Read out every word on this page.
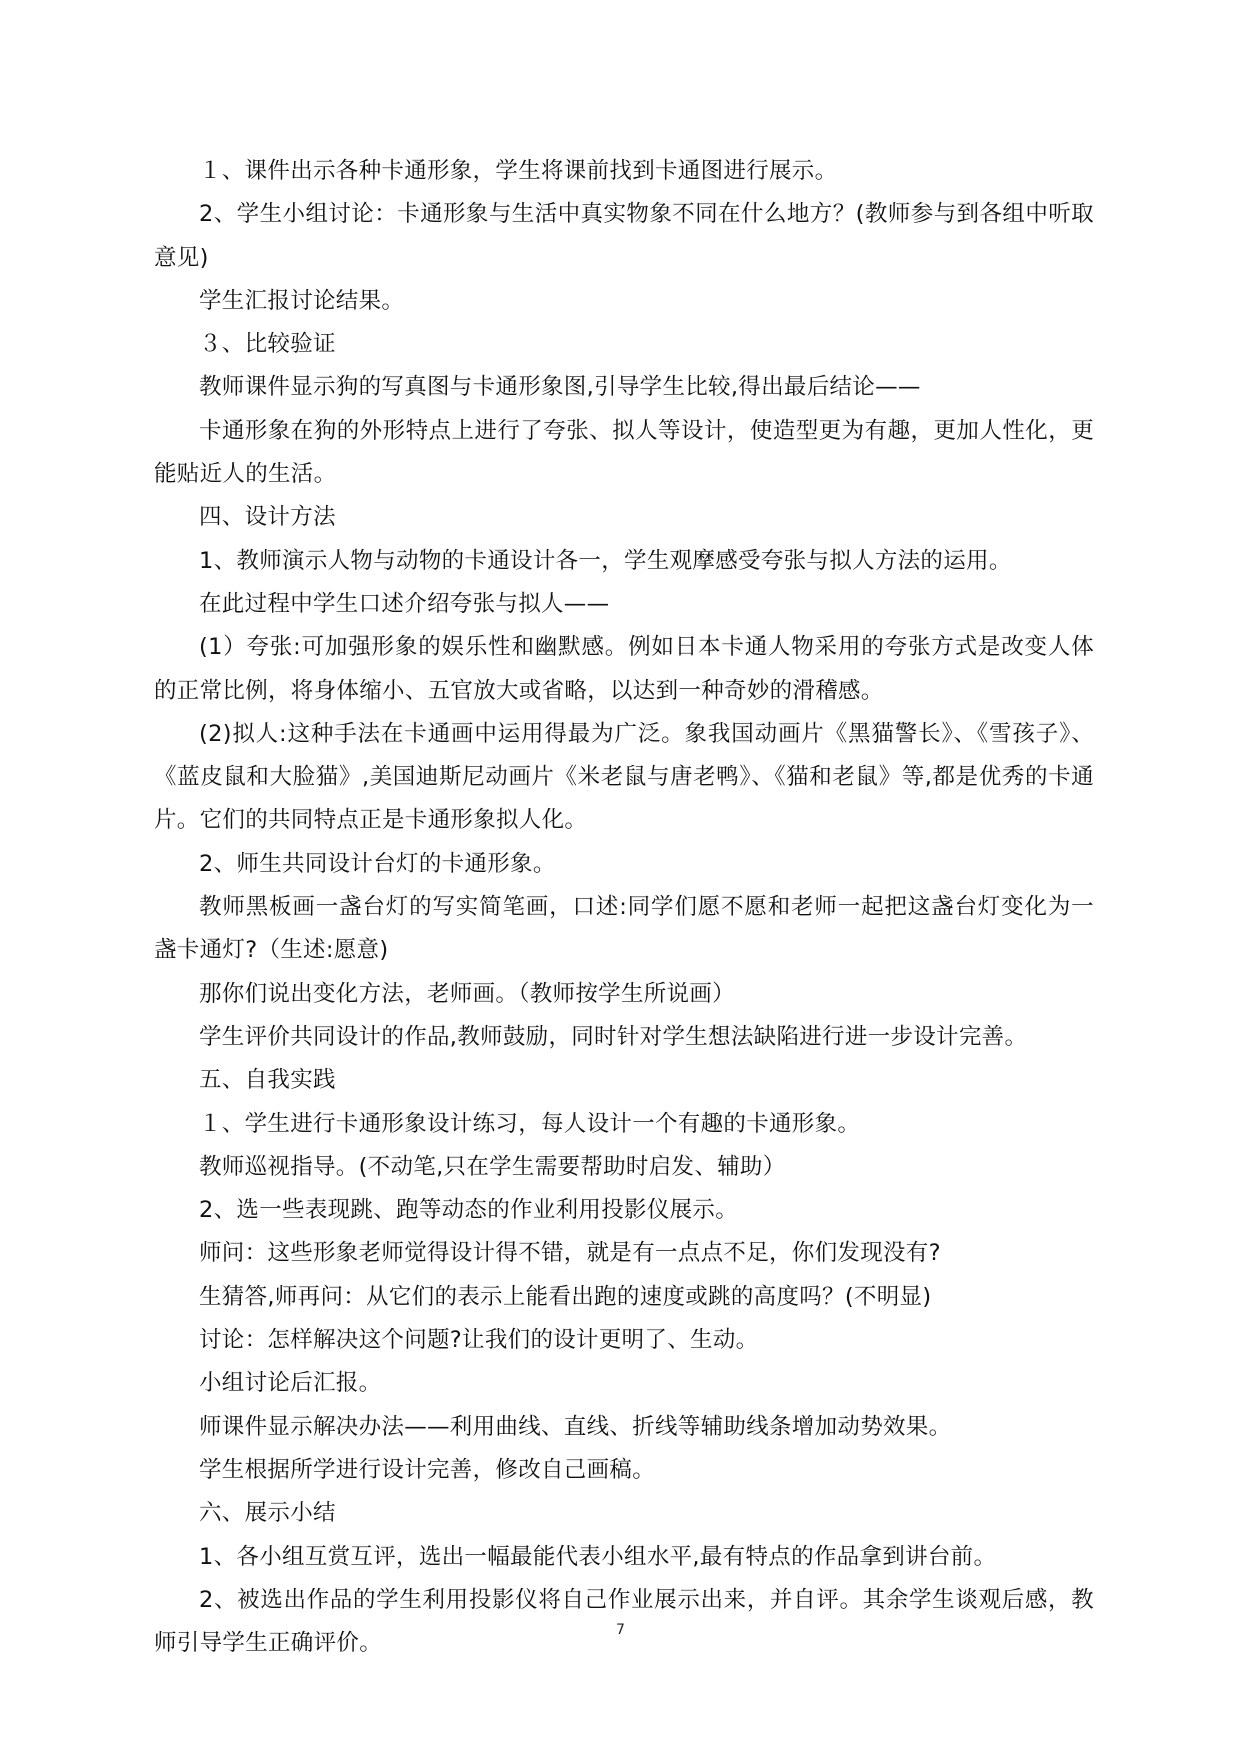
１、课件出示各种卡通形象，学生将课前找到卡通图进行展示。

2、学生小组讨论：卡通形象与生活中真实物象不同在什么地方？(教师参与到各组中听取意见)

学生汇报讨论结果。

３、比较验证

教师课件显示狗的写真图与卡通形象图,引导学生比较,得出最后结论——

卡通形象在狗的外形特点上进行了夸张、拟人等设计，使造型更为有趣，更加人性化，更能贴近人的生活。

四、设计方法

1、教师演示人物与动物的卡通设计各一，学生观摩感受夸张与拟人方法的运用。

在此过程中学生口述介绍夸张与拟人——

(1）夸张:可加强形象的娱乐性和幽默感。例如日本卡通人物采用的夸张方式是改变人体的正常比例，将身体缩小、五官放大或省略，以达到一种奇妙的滑稽感。

(2)拟人:这种手法在卡通画中运用得最为广泛。象我国动画片《黑猫警长》、《雪孩子》、《蓝皮鼠和大脸猫》,美国迪斯尼动画片《米老鼠与唐老鸭》、《猫和老鼠》等,都是优秀的卡通片。它们的共同特点正是卡通形象拟人化。

2、师生共同设计台灯的卡通形象。

教师黑板画一盏台灯的写实简笔画，口述:同学们愿不愿和老师一起把这盏台灯变化为一盏卡通灯?（生述:愿意)

那你们说出变化方法，老师画。（教师按学生所说画）

学生评价共同设计的作品,教师鼓励，同时针对学生想法缺陷进行进一步设计完善。

五、自我实践

１、学生进行卡通形象设计练习，每人设计一个有趣的卡通形象。

教师巡视指导。(不动笔,只在学生需要帮助时启发、辅助）

2、选一些表现跳、跑等动态的作业利用投影仪展示。

师问：这些形象老师觉得设计得不错，就是有一点点不足，你们发现没有?

生猜答,师再问：从它们的表示上能看出跑的速度或跳的高度吗？(不明显)

讨论：怎样解决这个问题?让我们的设计更明了、生动。

小组讨论后汇报。

师课件显示解决办法——利用曲线、直线、折线等辅助线条增加动势效果。

学生根据所学进行设计完善，修改自己画稿。

六、展示小结

1、各小组互赏互评，选出一幅最能代表小组水平,最有特点的作品拿到讲台前。

2、被选出作品的学生利用投影仪将自己作业展示出来，并自评。其余学生谈观后感，教师引导学生正确评价。

7
